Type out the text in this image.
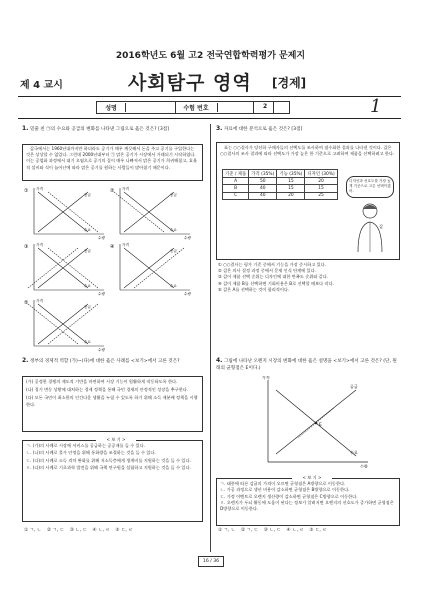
2016학년도 6월 고2 전국연합학력평가 문제지
제 4 교시	사회탐구 영역 [경제]
성명	수험 번호	2	1
1. 밑줄 친 ㉠의 수요와 공급의 변화를 나타낸 그림으로 옳은 것은? [3점]
갑국에서는 1960년대까지만 하더라도 공기가 매우 깨끗해서 돈을 주고 공기를 구입한다는 것은 상상할 수 없었다. 그런데 2000년대부터 ㉠ 맑은 공기가 시장에서 거래되기 시작하였다. 이는 공업화 과정에서 대기 오염으로 공기의 질이 매우 나빠져서 맑은 공기가 희귀해졌고, 효율적 설비와 식이 늘어난에 따라 맑은 공기를 원하는 사람들이 많아졌기 때문이다.
① 가격
수량
수요
공급
② 가격
수량
수요
공급
③ 가격
수량
수요
공급
④ 가격
수량
수요
공급
⑤ 가격
수량
수요
공급
2. 정부의 경제적 역할 (가)~(다)에 대한 옳은 사례를 <보기>에서 고른 것은?
(가) 공정한 경쟁의 제도적 기반을 마련하여 시장 기능이 원활하게 작동하도록 한다.
(나) 경기 변동 상황에 대처하는 경제 정책을 통해 국민 경제의 안정적인 성장을 추구한다.
(다) 모든 국민이 최소한의 인간다운 생활을 누릴 수 있도록 하기 위해 소득 재분배 정책을 시행한다.
< 보 기 >
ㄱ. (가)의 사례로 시장에 서비스를 공급하는 공공재를 들 수 있다.
ㄴ. (나)의 사례로 물가 안정을 위해 통화량을 조절하는 것을 들 수 있다.
ㄷ. (다)의 사례로 소득 격차 완화를 위해 저소득층에게 생계비를 지원하는 것을 들 수 있다.
ㄹ. (다)의 사례로 기초과학 발전을 위해 국책 연구원을 설립하고 지원하는 것을 들 수 있다.
① ㄱ, ㄴ ② ㄱ, ㄷ ③ ㄴ, ㄷ ④ ㄴ, ㄹ ⑤ ㄷ, ㄹ
3. 자료에 대한 분석으로 옳은 것은? [3점]
표는 ○○결사가 당선하 구매자들의 선택도를 조사하여 점수화한 결과를 나타낸 것이다. 갑은 ○○결사의 조사 결과에 따라 선택도가 가장 높은 한 기준으로 고려하여 제품을 선택하려고 한다.
기준 / 제품	가격 (35%)	기능 (35%)	디자인 (30%)
A	50	15	20
B	40	15	15
C	40	20	25
디자인과 선호도를 가장 높게 기준으로 고른 선택이겠어.
갑
① ○○결사는 평가 기준 중에서 기능을 가장 중시하고 있다.
② 갑은 의사 결정 과정 중에서 문제 인식 단계에 있다.
③ 갑이 제품 선택 순위는 디자인에 대한 만족도 순위와 같다.
④ 갑이 제품 B를 선택하면 기회비용은 B로 선택할 때보다 작다.
⑤ 갑은 A를 선택하는 것이 합리적이다.
4. 그림에 나타난 오렌지 시장의 변화에 대한 옳은 설명을 <보기>에서 고른 것은? (단, 원래의 균형점은 E이다.)
E
가격
수량
공급
수요
< 보 기 >
ㄱ. 태풍에 따른 감귤의 가격이 오르면 균형점은 A방향으로 이동한다.
ㄴ. 가공 과정으로 생산 비용이 감소하면 균형점은 B방향으로 이동한다.
ㄷ. 가정 이벤트로 오렌지 생산량이 감소하면 균형점은 C방향으로 이동한다.
ㄹ. 오렌지가 두뇌 활동에 도움이 된다는 정보가 알려지면 오렌지의 선호도가 증가하면 균형점은 D방향으로 이동한다.
① ㄱ, ㄴ ② ㄱ, ㄷ ③ ㄴ, ㄷ ④ ㄴ, ㄹ ⑤ ㄷ, ㄹ
16 / 36
